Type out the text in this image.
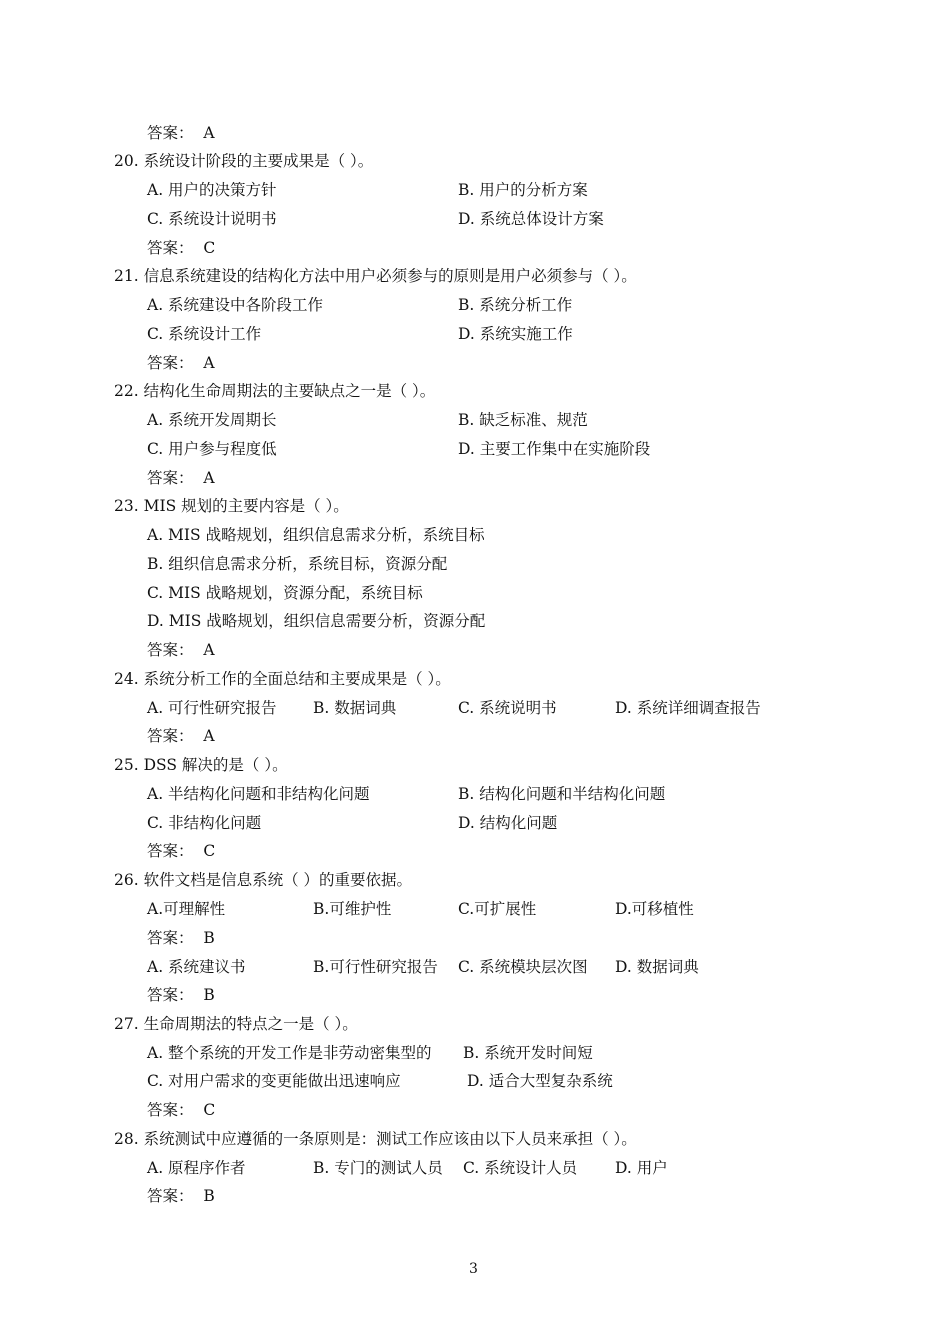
答案： A
20. 系统设计阶段的主要成果是（ ）。
A. 用户的决策方针	B. 用户的分析方案
C. 系统设计说明书	D. 系统总体设计方案
答案： C
21. 信息系统建设的结构化方法中用户必须参与的原则是用户必须参与（ ）。
A. 系统建设中各阶段工作	B. 系统分析工作
C. 系统设计工作	D. 系统实施工作
答案： A
22. 结构化生命周期法的主要缺点之一是（ ）。
A. 系统开发周期长	B. 缺乏标准、规范
C. 用户参与程度低	D. 主要工作集中在实施阶段
答案： A
23. MIS 规划的主要内容是（ ）。
A. MIS 战略规划，组织信息需求分析，系统目标
B. 组织信息需求分析，系统目标，资源分配
C. MIS 战略规划，资源分配，系统目标
D. MIS 战略规划，组织信息需要分析，资源分配
答案： A
24. 系统分析工作的全面总结和主要成果是（ ）。
A. 可行性研究报告 B. 数据词典	C. 系统说明书	D. 系统详细调查报告
答案： A
25. DSS 解决的是（ ）。
A. 半结构化问题和非结构化问题	B. 结构化问题和半结构化问题
C. 非结构化问题	D. 结构化问题
答案： C
26. 软件文档是信息系统（ ）的重要依据。
A.可理解性	B.可维护性	C.可扩展性	D.可移植性
答案： B
A. 系统建议书	B.可行性研究报告 C. 系统模块层次图 D. 数据词典
答案： B
27. 生命周期法的特点之一是（ ）。
A. 整个系统的开发工作是非劳动密集型的 B. 系统开发时间短
C. 对用户需求的变更能做出迅速响应	D. 适合大型复杂系统
答案： C
28. 系统测试中应遵循的一条原则是：测试工作应该由以下人员来承担（ ）。
A. 原程序作者	B. 专门的测试人员 C. 系统设计人员 D. 用户
答案： B
3
